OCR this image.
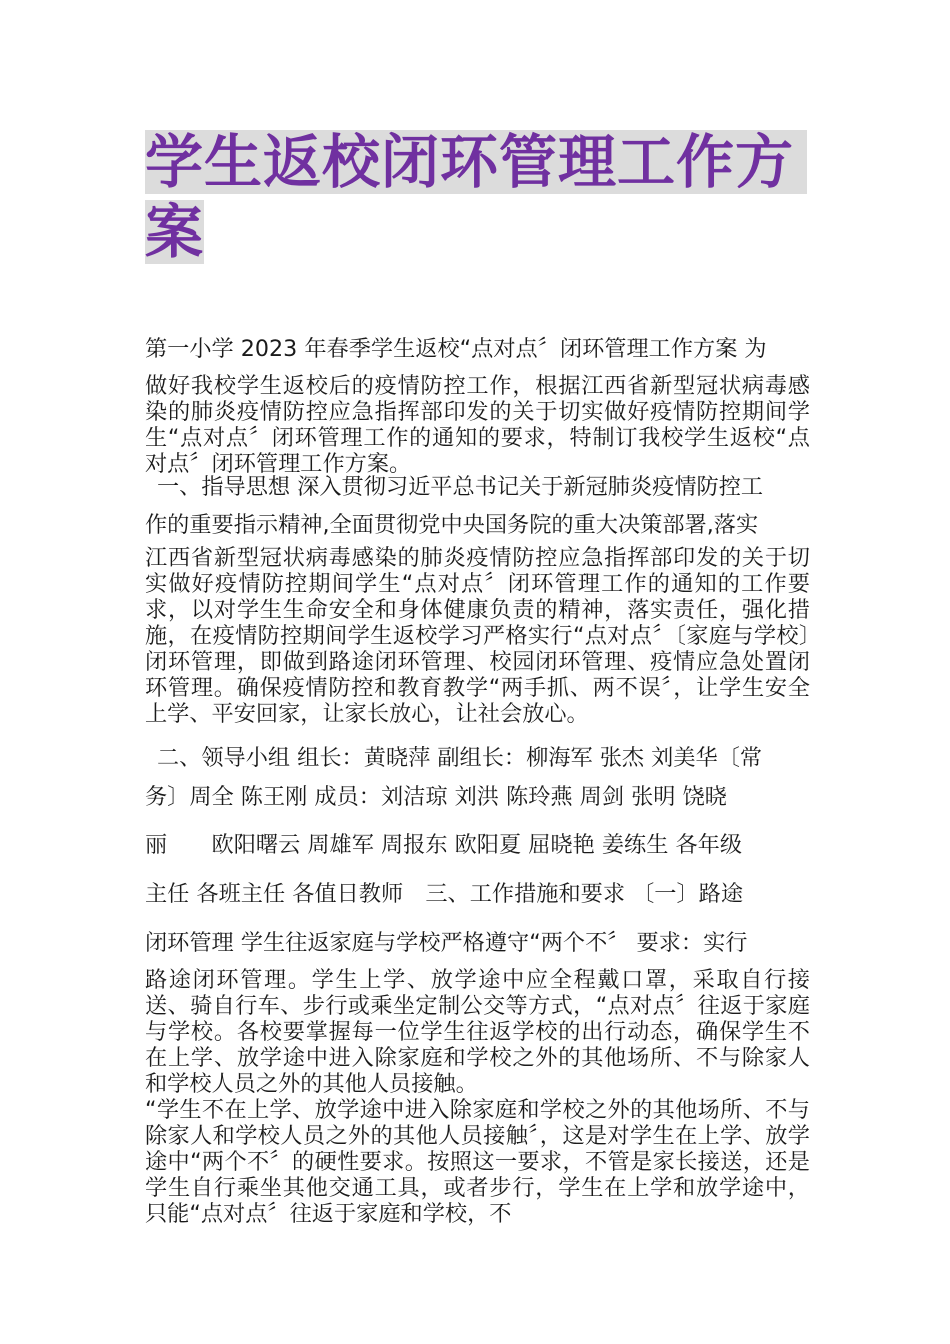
学生返校闭环管理工作方
案
第一小学 2023 年春季学生返校“点对点〞闭环管理工作方案 为
做好我校学生返校后的疫情防控工作，根据江西省新型冠状病毒感染的肺炎疫情防控应急指挥部印发的关于切实做好疫情防控期间学生“点对点〞闭环管理工作的通知的要求，特制订我校学生返校“点对点〞闭环管理工作方案。
一、指导思想 深入贯彻习近平总书记关于新冠肺炎疫情防控工
作的重要指示精神,全面贯彻党中央国务院的重大决策部署,落实
江西省新型冠状病毒感染的肺炎疫情防控应急指挥部印发的关于切实做好疫情防控期间学生“点对点〞闭环管理工作的通知的工作要求，以对学生生命安全和身体健康负责的精神，落实责任，强化措施，在疫情防控期间学生返校学习严格实行“点对点〞〔家庭与学校〕闭环管理，即做到路途闭环管理、校园闭环管理、疫情应急处置闭环管理。确保疫情防控和教育教学“两手抓、两不误〞，让学生安全上学、平安回家，让家长放心，让社会放心。
二、领导小组 组长：黄晓萍 副组长：柳海军 张杰 刘美华〔常
务〕周全 陈王刚 成员：刘洁琼 刘洪 陈玲燕 周剑 张明 饶晓
丽　　欧阳曙云 周雄军 周报东 欧阳夏 屈晓艳 姜练生 各年级
主任 各班主任 各值日教师　三、工作措施和要求 〔一〕路途
闭环管理 学生往返家庭与学校严格遵守“两个不〞 要求：实行
路途闭环管理。学生上学、放学途中应全程戴口罩，采取自行接送、骑自行车、步行或乘坐定制公交等方式，“点对点〞往返于家庭与学校。各校要掌握每一位学生往返学校的出行动态，确保学生不在上学、放学途中进入除家庭和学校之外的其他场所、不与除家人和学校人员之外的其他人员接触。
“学生不在上学、放学途中进入除家庭和学校之外的其他场所、不与除家人和学校人员之外的其他人员接触〞，这是对学生在上学、放学途中“两个不〞的硬性要求。按照这一要求，不管是家长接送，还是学生自行乘坐其他交通工具，或者步行，学生在上学和放学途中，只能“点对点〞往返于家庭和学校，不
